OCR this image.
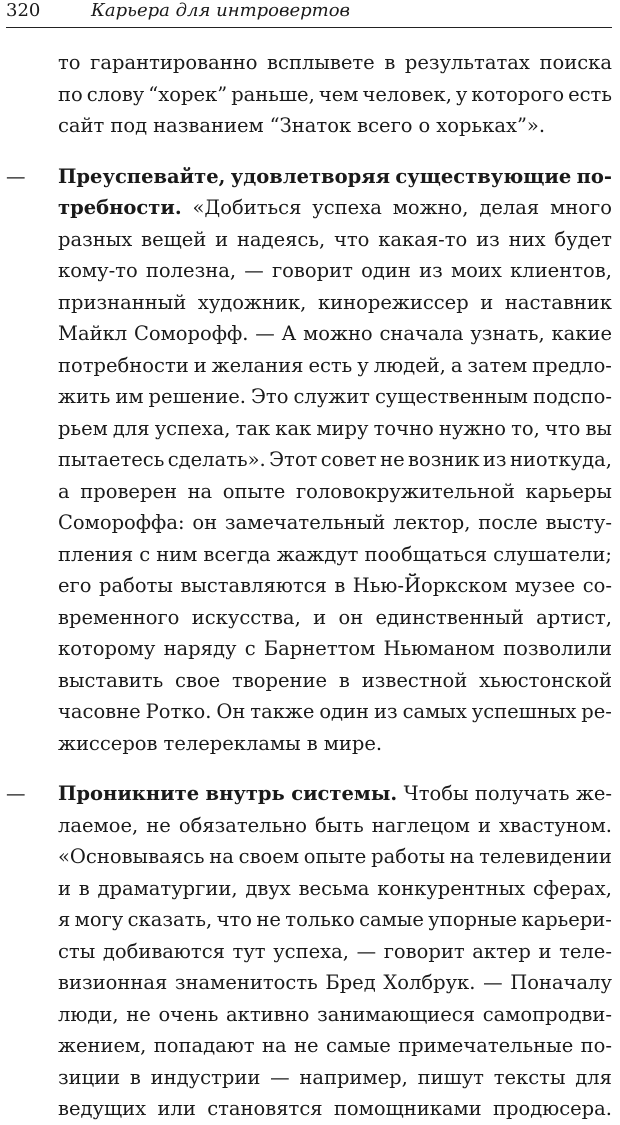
320	Карьера для интровертов
то гарантированно всплывете в результатах поиска
по слову “хорек” раньше, чем человек, у которого есть
сайт под названием “Знаток всего о хорьках”».
—	Преуспевайте, удовлетворяя существующие по-
требности. «Добиться успеха можно, делая много
разных вещей и надеясь, что какая-то из них будет
кому-то полезна, — говорит один из моих клиентов,
признанный художник, кинорежиссер и наставник
Майкл Соморофф. — А можно сначала узнать, какие
потребности и желания есть у людей, а затем предло-
жить им решение. Это служит существенным подспо-
рьем для успеха, так как миру точно нужно то, что вы
пытаетесь сделать». Этот совет не возник из ниоткуда,
а проверен на опыте головокружительной карьеры
Сомороффа: он замечательный лектор, после высту-
пления с ним всегда жаждут пообщаться слушатели;
его работы выставляются в Нью-Йоркском музее со-
временного искусства, и он единственный артист,
которому наряду с Барнеттом Ньюманом позволили
выставить свое творение в известной хьюстонской
часовне Ротко. Он также один из самых успешных ре-
жиссеров телерекламы в мире.
—	Проникните внутрь системы. Чтобы получать же-
лаемое, не обязательно быть наглецом и хвастуном.
«Основываясь на своем опыте работы на телевидении
и в драматургии, двух весьма конкурентных сферах,
я могу сказать, что не только самые упорные карьери-
сты добиваются тут успеха, — говорит актер и теле-
визионная знаменитость Бред Холбрук. — Поначалу
люди, не очень активно занимающиеся самопродви-
жением, попадают на не самые примечательные по-
зиции в индустрии — например, пишут тексты для
ведущих или становятся помощниками продюсера.
